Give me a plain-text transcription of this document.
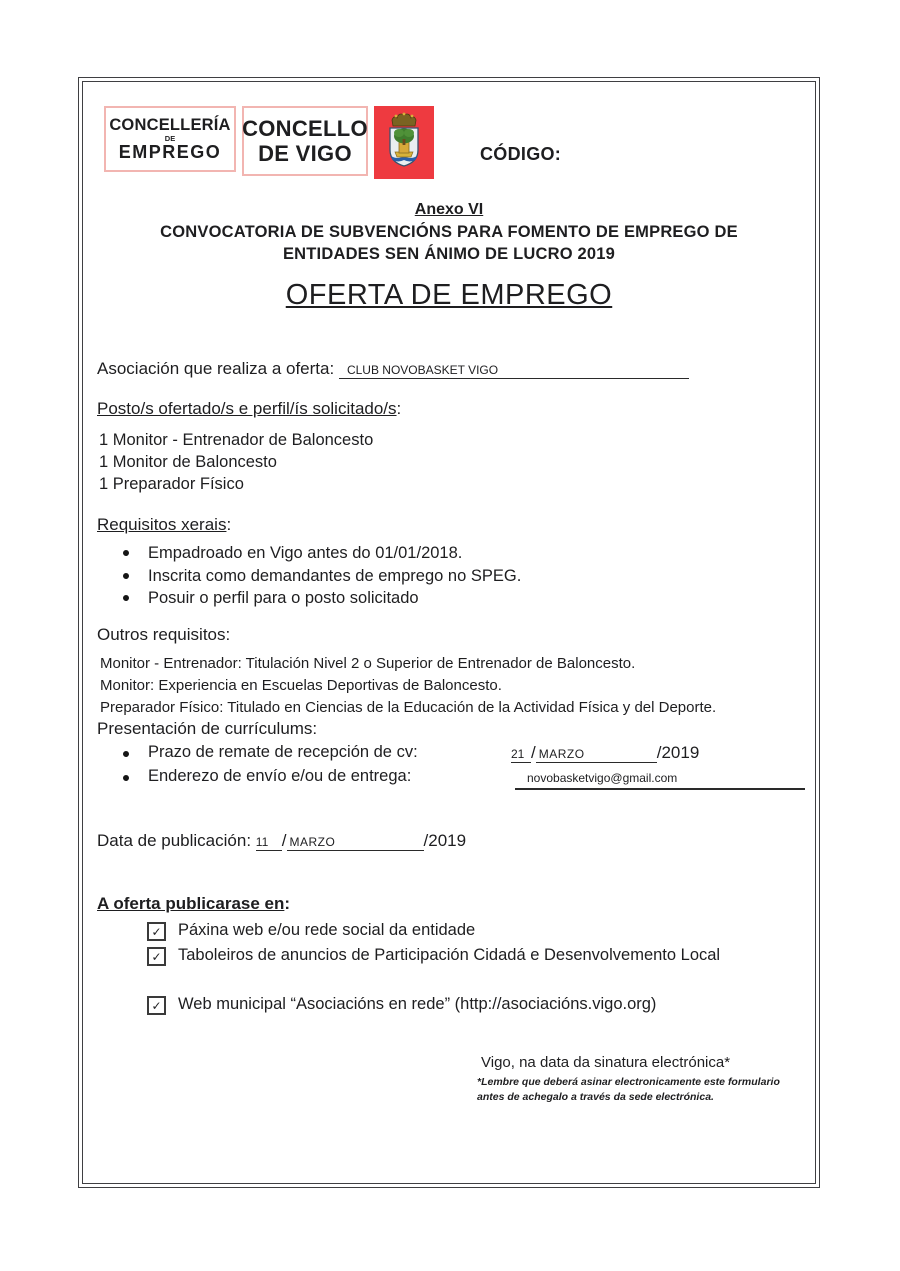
CONCELLERÍA
DE
EMPREGO
CONCELLO
DE VIGO	CÓDIGO:
Anexo VI
CONVOCATORIA DE SUBVENCIÓNS PARA FOMENTO DE EMPREGO DE
ENTIDADES SEN ÁNIMO DE LUCRO 2019
OFERTA DE EMPREGO
Asociación que realiza a oferta: CLUB NOVOBASKET VIGO
Posto/s ofertado/s e perfil/ís solicitado/s:
1 Monitor - Entrenador de Baloncesto
1 Monitor de Baloncesto
1 Preparador Físico
Requisitos xerais:
Empadroado en Vigo antes do 01/01/2018.
Inscrita como demandantes de emprego no SPEG.
Posuir o perfil para o posto solicitado
Outros requisitos:
Monitor - Entrenador: Titulación Nivel 2 o Superior de Entrenador de Baloncesto.
Monitor: Experiencia en Escuelas Deportivas de Baloncesto.
Preparador Físico: Titulado en Ciencias de la Educación de la Actividad Física y del Deporte.
Presentación de currículums:
Prazo de remate de recepción de cv:	21 / MARZO	/2019
Enderezo de envío e/ou de entrega:	novobasketvigo@gmail.com
Data de publicación: 11 / MARZO	/2019
A oferta publicarase en:
✓ Páxina web e/ou rede social da entidade
✓ Taboleiros de anuncios de Participación Cidadá e Desenvolvemento Local
✓ Web municipal “Asociacións en rede” (http://asociacións.vigo.org)
Vigo, na data da sinatura electrónica*
*Lembre que deberá asinar electronicamente este formulario
antes de achegalo a través da sede electrónica.
